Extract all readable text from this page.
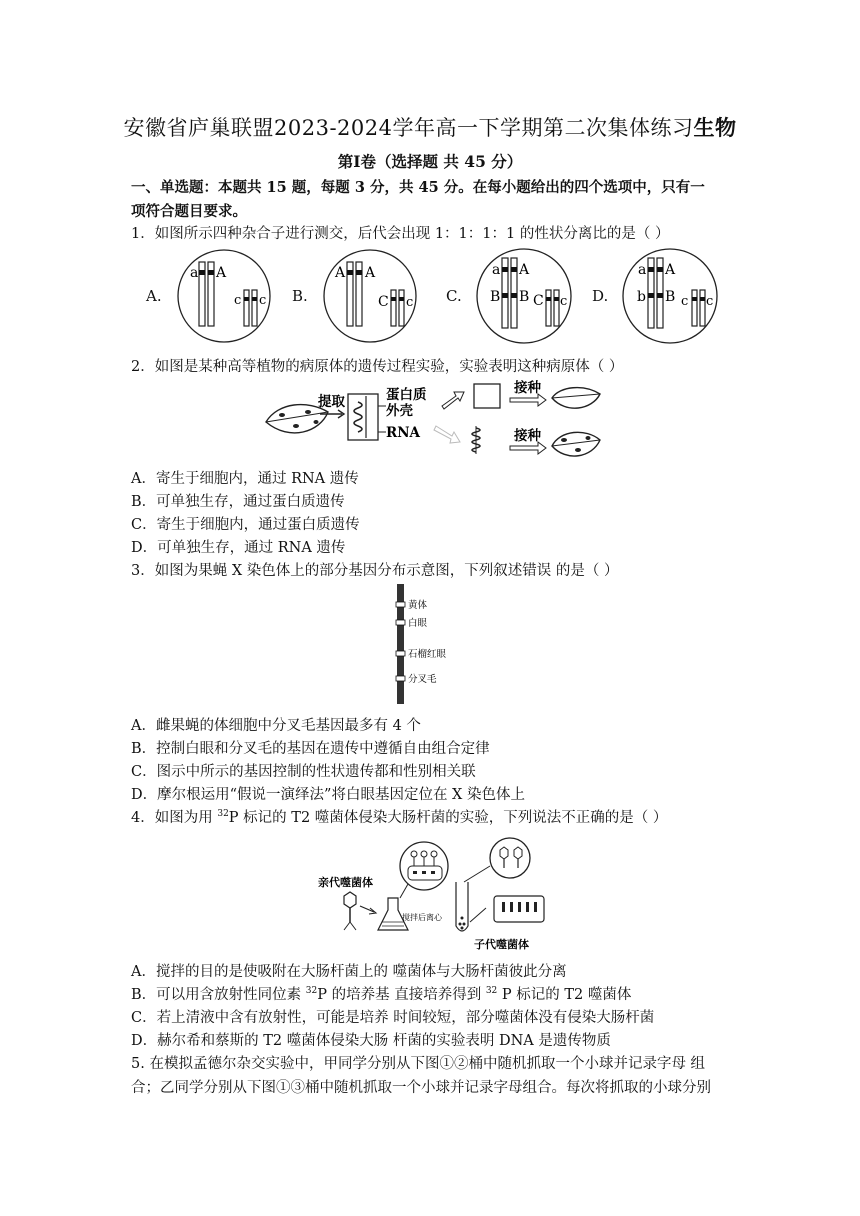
安徽省庐巢联盟2023-2024学年高一下学期第二次集体练习生物
第Ⅰ卷（选择题 共 45 分）
一、单选题：本题共 15 题，每题 3 分，共 45 分。在每小题给出的四个选项中，只有一
项符合题目要求。
1．如图所示四种杂合子进行测交，后代会出现 1：1：1：1 的性状分离比的是（ ）
A.
a A
c c B.
A A
C c C.
a A
B B C c D.
a A
b B c c
2．如图是某种高等植物的病原体的遗传过程实验，实验表明这种病原体（ ）
提取	蛋白质
外壳
RNA
接种
接种
A．寄生于细胞内，通过 RNA 遗传
B．可单独生存，通过蛋白质遗传
C．寄生于细胞内，通过蛋白质遗传
D．可单独生存，通过 RNA 遗传
3．如图为果蝇 X 染色体上的部分基因分布示意图，下列叙述错误 的是（ ）
黄体
白眼
石榴红眼
分叉毛
A．雌果蝇的体细胞中分叉毛基因最多有 4 个
B．控制白眼和分叉毛的基因在遗传中遵循自由组合定律
C．图示中所示的基因控制的性状遗传都和性别相关联
D．摩尔根运用“假说一演绎法”将白眼基因定位在 X 染色体上
4．如图为用 $^{32}$P 标记的 T2 噬菌体侵染大肠杆菌的实验，下列说法不正确的是（ ）
亲代噬菌体
搅拌后离心
子代噬菌体
A．搅拌的目的是使吸附在大肠杆菌上的 噬菌体与大肠杆菌彼此分离
B．可以用含放射性同位素 $^{32}$P 的培养基 直接培养得到 $^{32}$ P 标记的 T2 噬菌体
C．若上清液中含有放射性，可能是培养 时间较短，部分噬菌体没有侵染大肠杆菌
D．赫尔希和蔡斯的 T2 噬菌体侵染大肠 杆菌的实验表明 DNA 是遗传物质
5. 在模拟孟德尔杂交实验中，甲同学分别从下图①②桶中随机抓取一个小球并记录字母 组
合；乙同学分别从下图①③桶中随机抓取一个小球并记录字母组合。每次将抓取的小球分别
